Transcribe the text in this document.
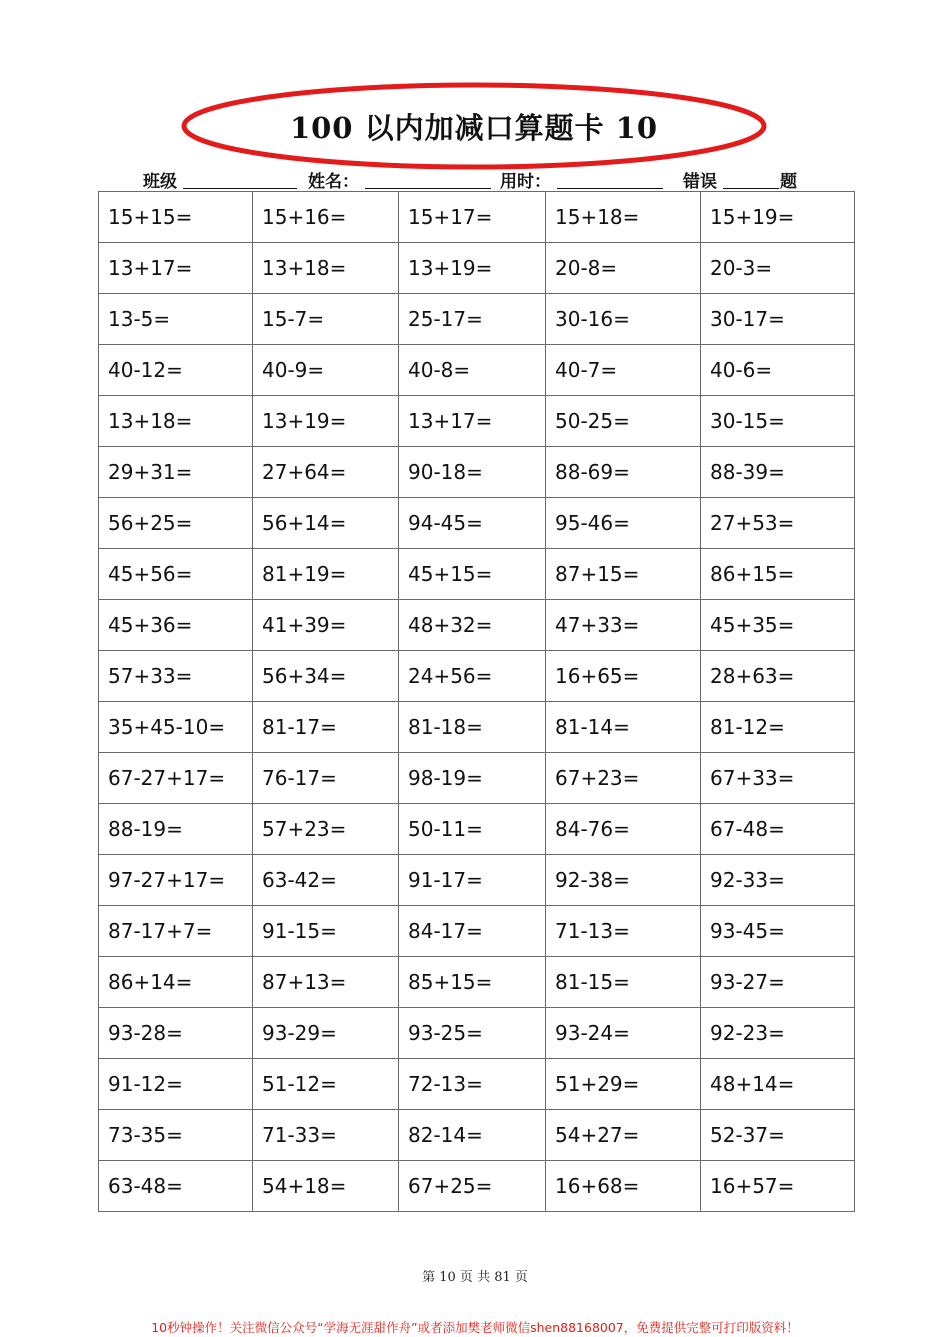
100 以内加减口算题卡 10
班级	姓名：	用时：	错误	题
15+15=	15+16=	15+17=	15+18=	15+19=
13+17=	13+18=	13+19=	20-8=	20-3=
13-5=	15-7=	25-17=	30-16=	30-17=
40-12=	40-9=	40-8=	40-7=	40-6=
13+18=	13+19=	13+17=	50-25=	30-15=
29+31=	27+64=	90-18=	88-69=	88-39=
56+25=	56+14=	94-45=	95-46=	27+53=
45+56=	81+19=	45+15=	87+15=	86+15=
45+36=	41+39=	48+32=	47+33=	45+35=
57+33=	56+34=	24+56=	16+65=	28+63=
35+45-10=	81-17=	81-18=	81-14=	81-12=
67-27+17=	76-17=	98-19=	67+23=	67+33=
88-19=	57+23=	50-11=	84-76=	67-48=
97-27+17=	63-42=	91-17=	92-38=	92-33=
87-17+7=	91-15=	84-17=	71-13=	93-45=
86+14=	87+13=	85+15=	81-15=	93-27=
93-28=	93-29=	93-25=	93-24=	92-23=
91-12=	51-12=	72-13=	51+29=	48+14=
73-35=	71-33=	82-14=	54+27=	52-37=
63-48=	54+18=	67+25=	16+68=	16+57=
第 10 页 共 81 页
10秒钟操作！关注微信公众号“学海无涯甜作舟”或者添加樊老师微信shen88168007，免费提供完整可打印版资料！
